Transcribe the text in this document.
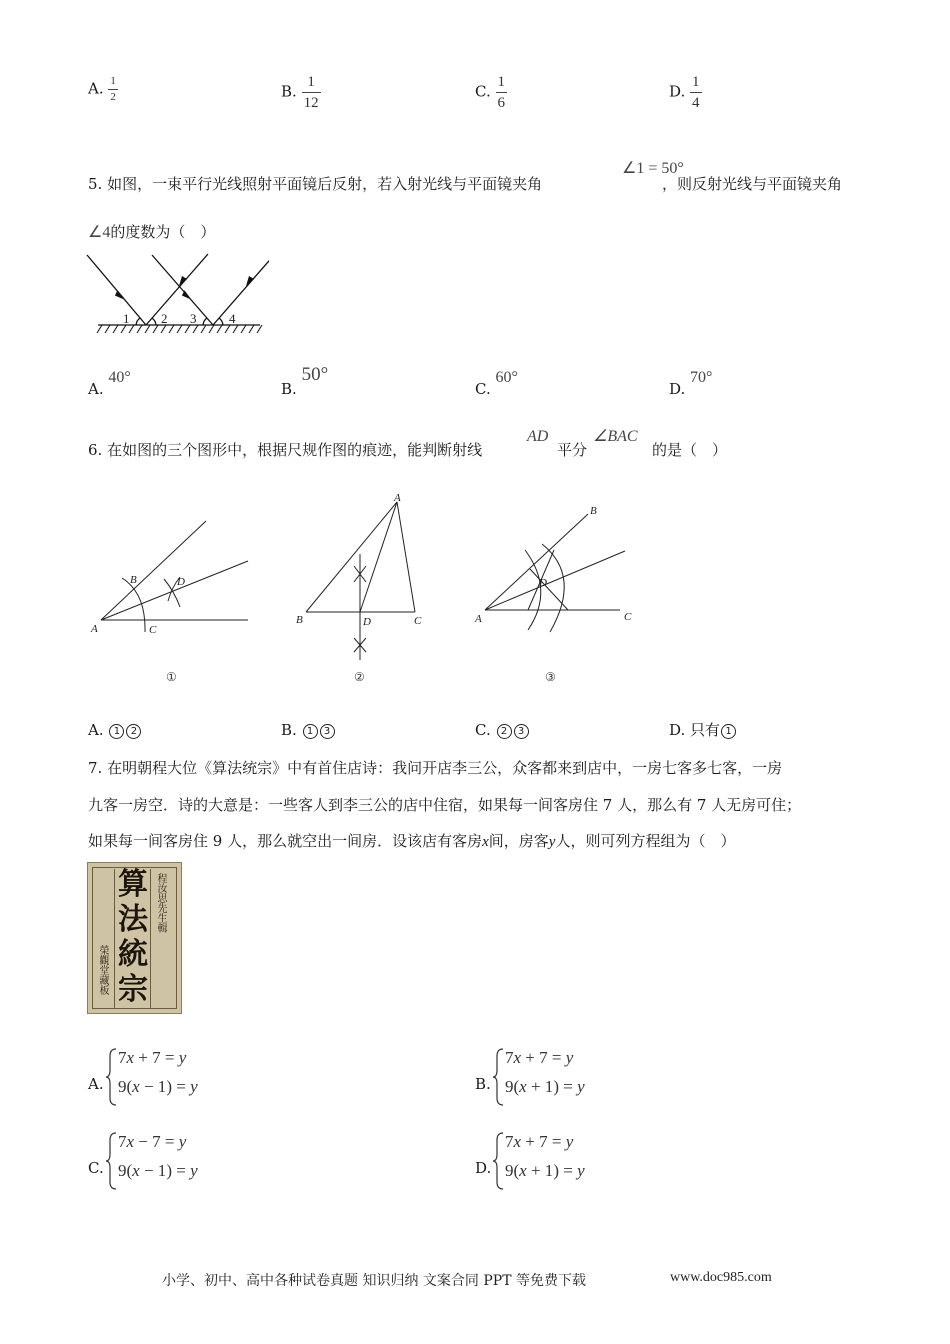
A. $\frac{1}{2}$	B. $\frac{1}{12}$	C. $\frac{1}{6}$	D. $\frac{1}{4}$
5. 如图，一束平行光线照射平面镜后反射，若入射光线与平面镜夹角
∠1 = 50°
，则反射光线与平面镜夹角
∠4的度数为（　）
1 2 3	4
A. 40°
B. 50°
C. 60°
D. 70°
6. 在如图的三个图形中，根据尺规作图的痕迹，能判断射线
AD
平分
∠BAC
的是（　）
A
B
C
D
A
B	C
D
B
D
A	C
①	②	③
A. 1 2	B. 1 3	C. 2 3	D. 只有 1
7. 在明朝程大位《算法统宗》中有首住店诗：我问开店李三公，众客都来到店中，一房七客多七客，一房
九客一房空．诗的大意是：一些客人到李三公的店中住宿，如果每一间客房住 7 人，那么有 7 人无房可住；
如果每一间客房住 9 人，那么就空出一间房．设该店有客房x间，房客y人，则可列方程组为（　）
算
法
統
宗
程汝思先生輯
榮觀堂藏板
A.
7x + 7 = y
9(x − 1) = y	B.
7x + 7 = y
9(x + 1) = y
C.
7x − 7 = y
9(x − 1) = y	D.
7x + 7 = y
9(x + 1) = y
小学、初中、高中各种试卷真题 知识归纳 文案合同 PPT 等免费下载	www.doc985.com
